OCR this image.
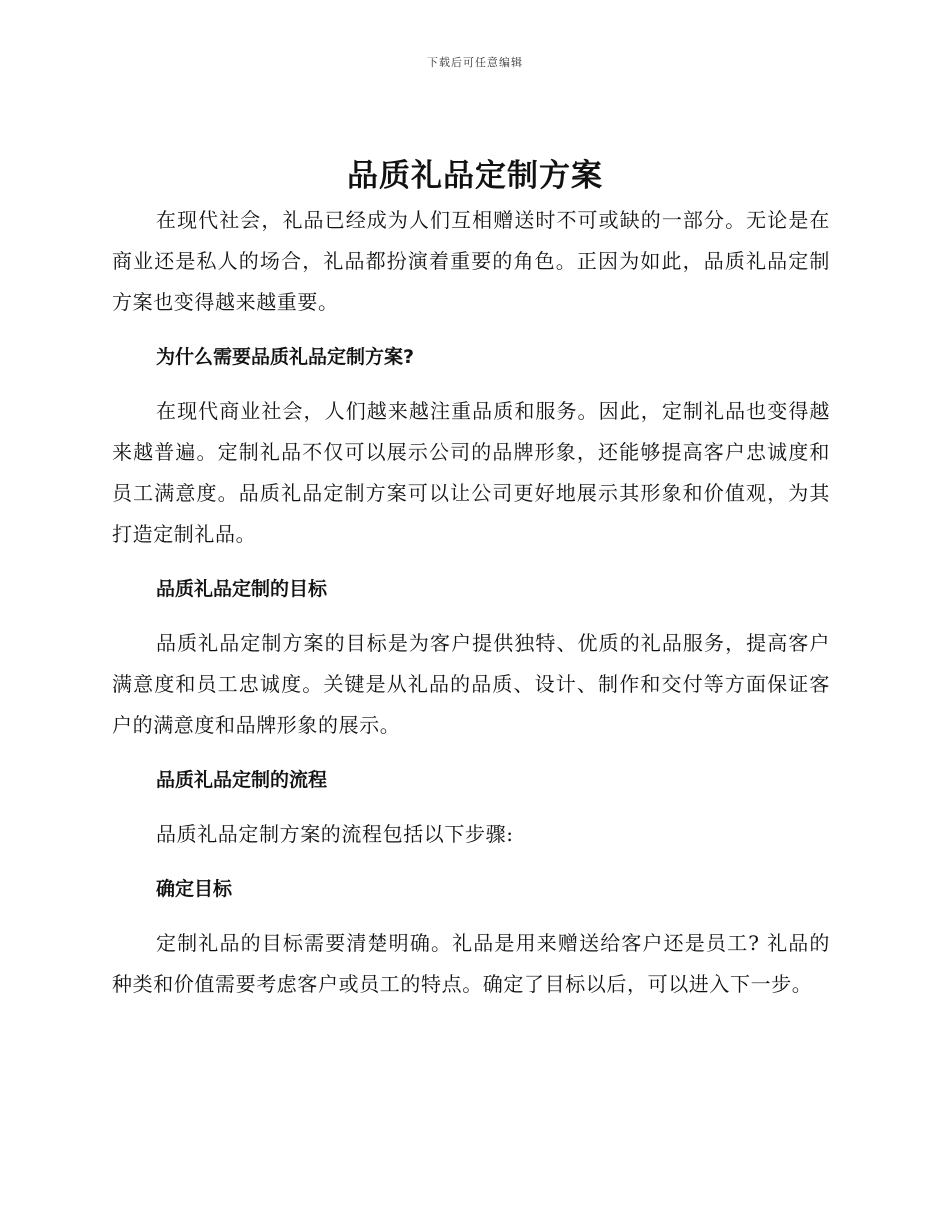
下载后可任意编辑
品质礼品定制方案

在现代社会，礼品已经成为人们互相赠送时不可或缺的一部分。无论是在商业还是私人的场合，礼品都扮演着重要的角色。正因为如此，品质礼品定制方案也变得越来越重要。

为什么需要品质礼品定制方案?

在现代商业社会，人们越来越注重品质和服务。因此，定制礼品也变得越来越普遍。定制礼品不仅可以展示公司的品牌形象，还能够提高客户忠诚度和员工满意度。品质礼品定制方案可以让公司更好地展示其形象和价值观，为其打造定制礼品。

品质礼品定制的目标

品质礼品定制方案的目标是为客户提供独特、优质的礼品服务，提高客户满意度和员工忠诚度。关键是从礼品的品质、设计、制作和交付等方面保证客户的满意度和品牌形象的展示。

品质礼品定制的流程

品质礼品定制方案的流程包括以下步骤:

确定目标

定制礼品的目标需要清楚明确。礼品是用来赠送给客户还是员工? 礼品的种类和价值需要考虑客户或员工的特点。确定了目标以后，可以进入下一步。
